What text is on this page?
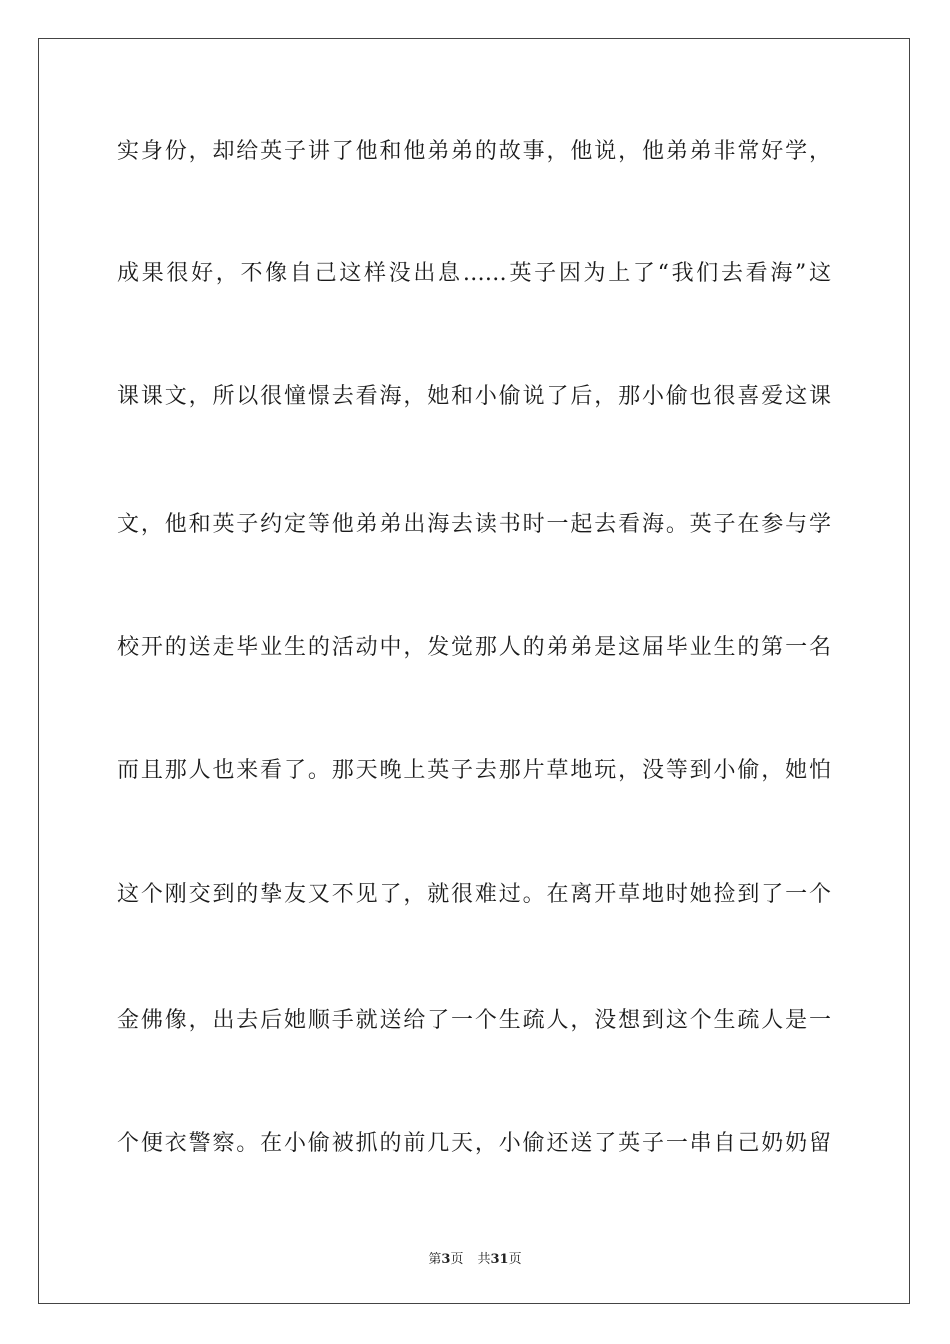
实身份，却给英子讲了他和他弟弟的故事，他说，他弟弟非常好学，
成果很好，不像自己这样没出息……英子因为上了“我们去看海”这
课课文，所以很憧憬去看海，她和小偷说了后，那小偷也很喜爱这课
文，他和英子约定等他弟弟出海去读书时一起去看海。英子在参与学
校开的送走毕业生的活动中，发觉那人的弟弟是这届毕业生的第一名
而且那人也来看了。那天晚上英子去那片草地玩，没等到小偷，她怕
这个刚交到的挚友又不见了，就很难过。在离开草地时她捡到了一个
金佛像，出去后她顺手就送给了一个生疏人，没想到这个生疏人是一
个便衣警察。在小偷被抓的前几天，小偷还送了英子一串自己奶奶留
第3页 共31页
